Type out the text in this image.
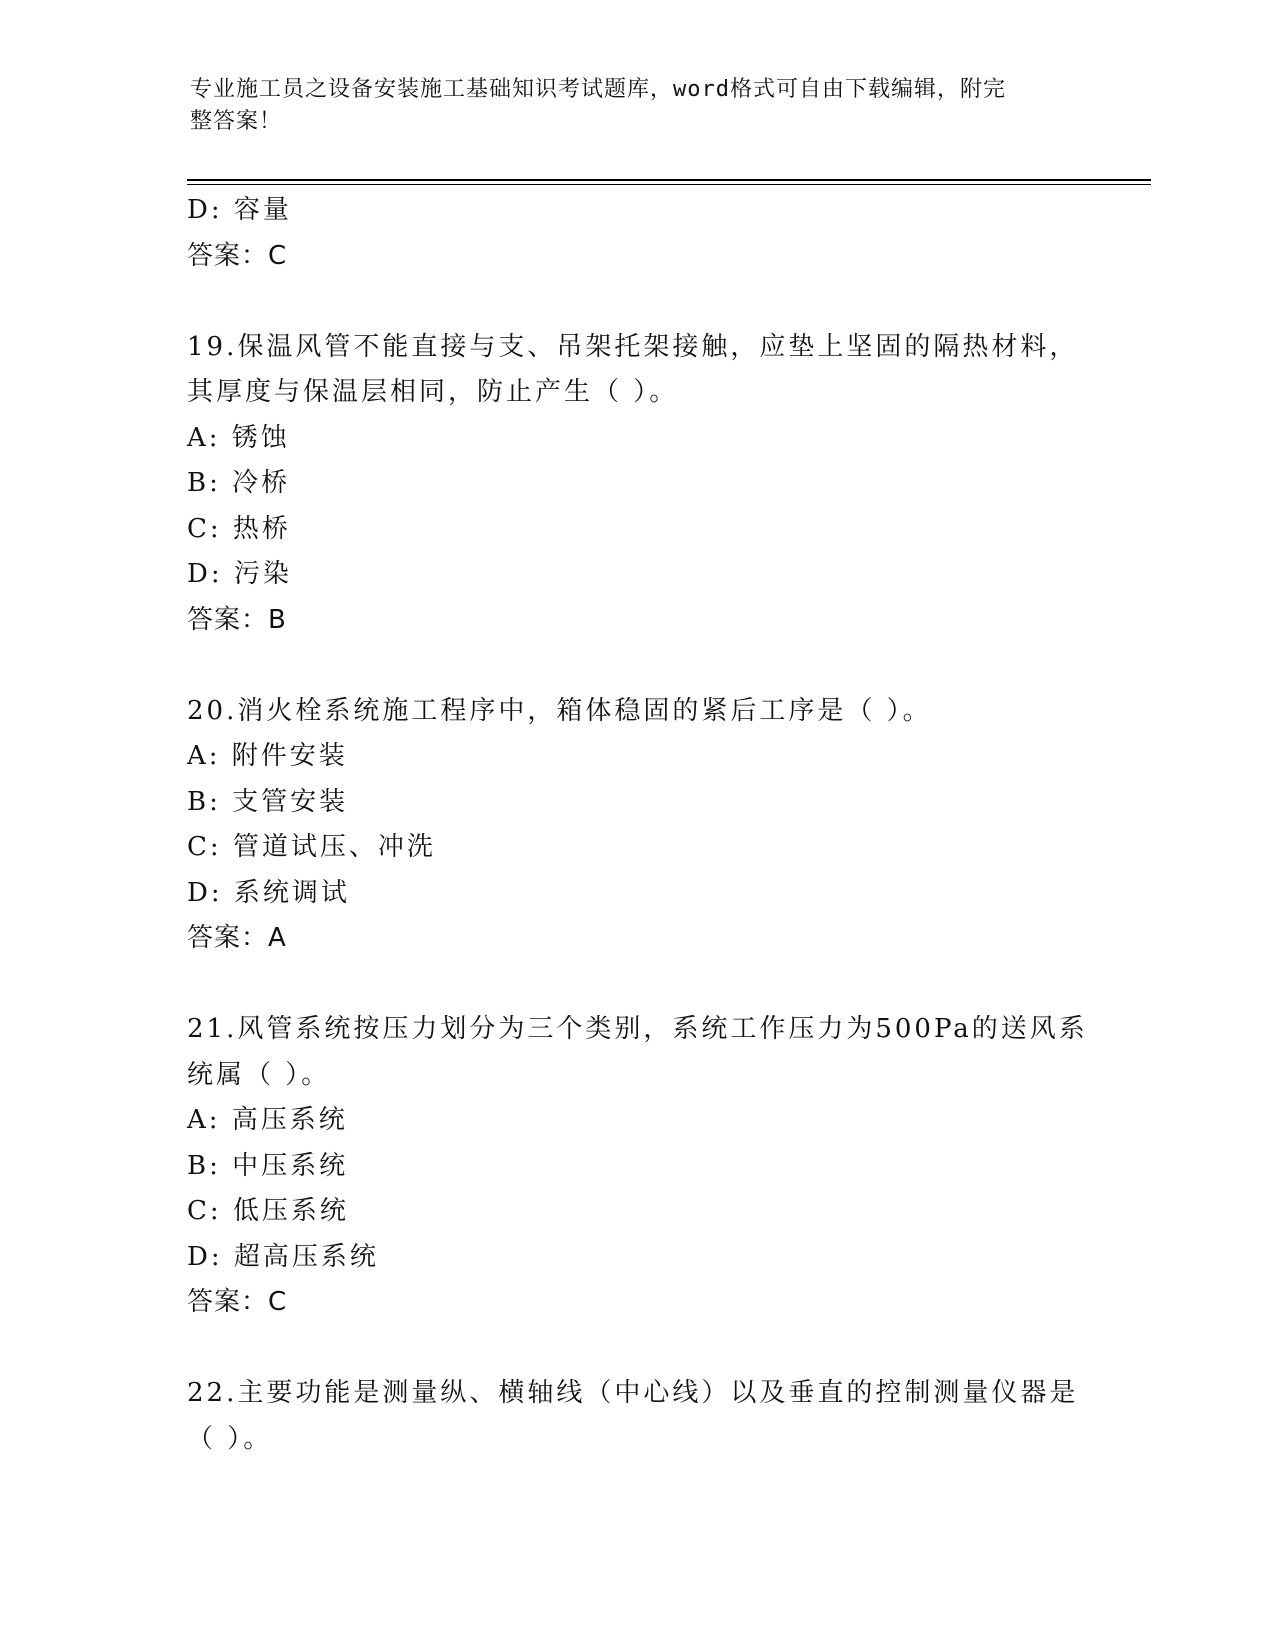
专业施工员之设备安装施工基础知识考试题库，word格式可自由下载编辑，附完
整答案！
D: 容量
答案：C
19.保温风管不能直接与支、吊架托架接触，应垫上坚固的隔热材料，
其厚度与保温层相同，防止产生（ ）。
A: 锈蚀
B: 冷桥
C: 热桥
D: 污染
答案：B
20.消火栓系统施工程序中，箱体稳固的紧后工序是（ ）。
A: 附件安装
B: 支管安装
C: 管道试压、冲洗
D: 系统调试
答案：A
21.风管系统按压力划分为三个类别，系统工作压力为500Pa的送风系
统属（ ）。
A: 高压系统
B: 中压系统
C: 低压系统
D: 超高压系统
答案：C
22.主要功能是测量纵、横轴线（中心线）以及垂直的控制测量仪器是
（ ）。
